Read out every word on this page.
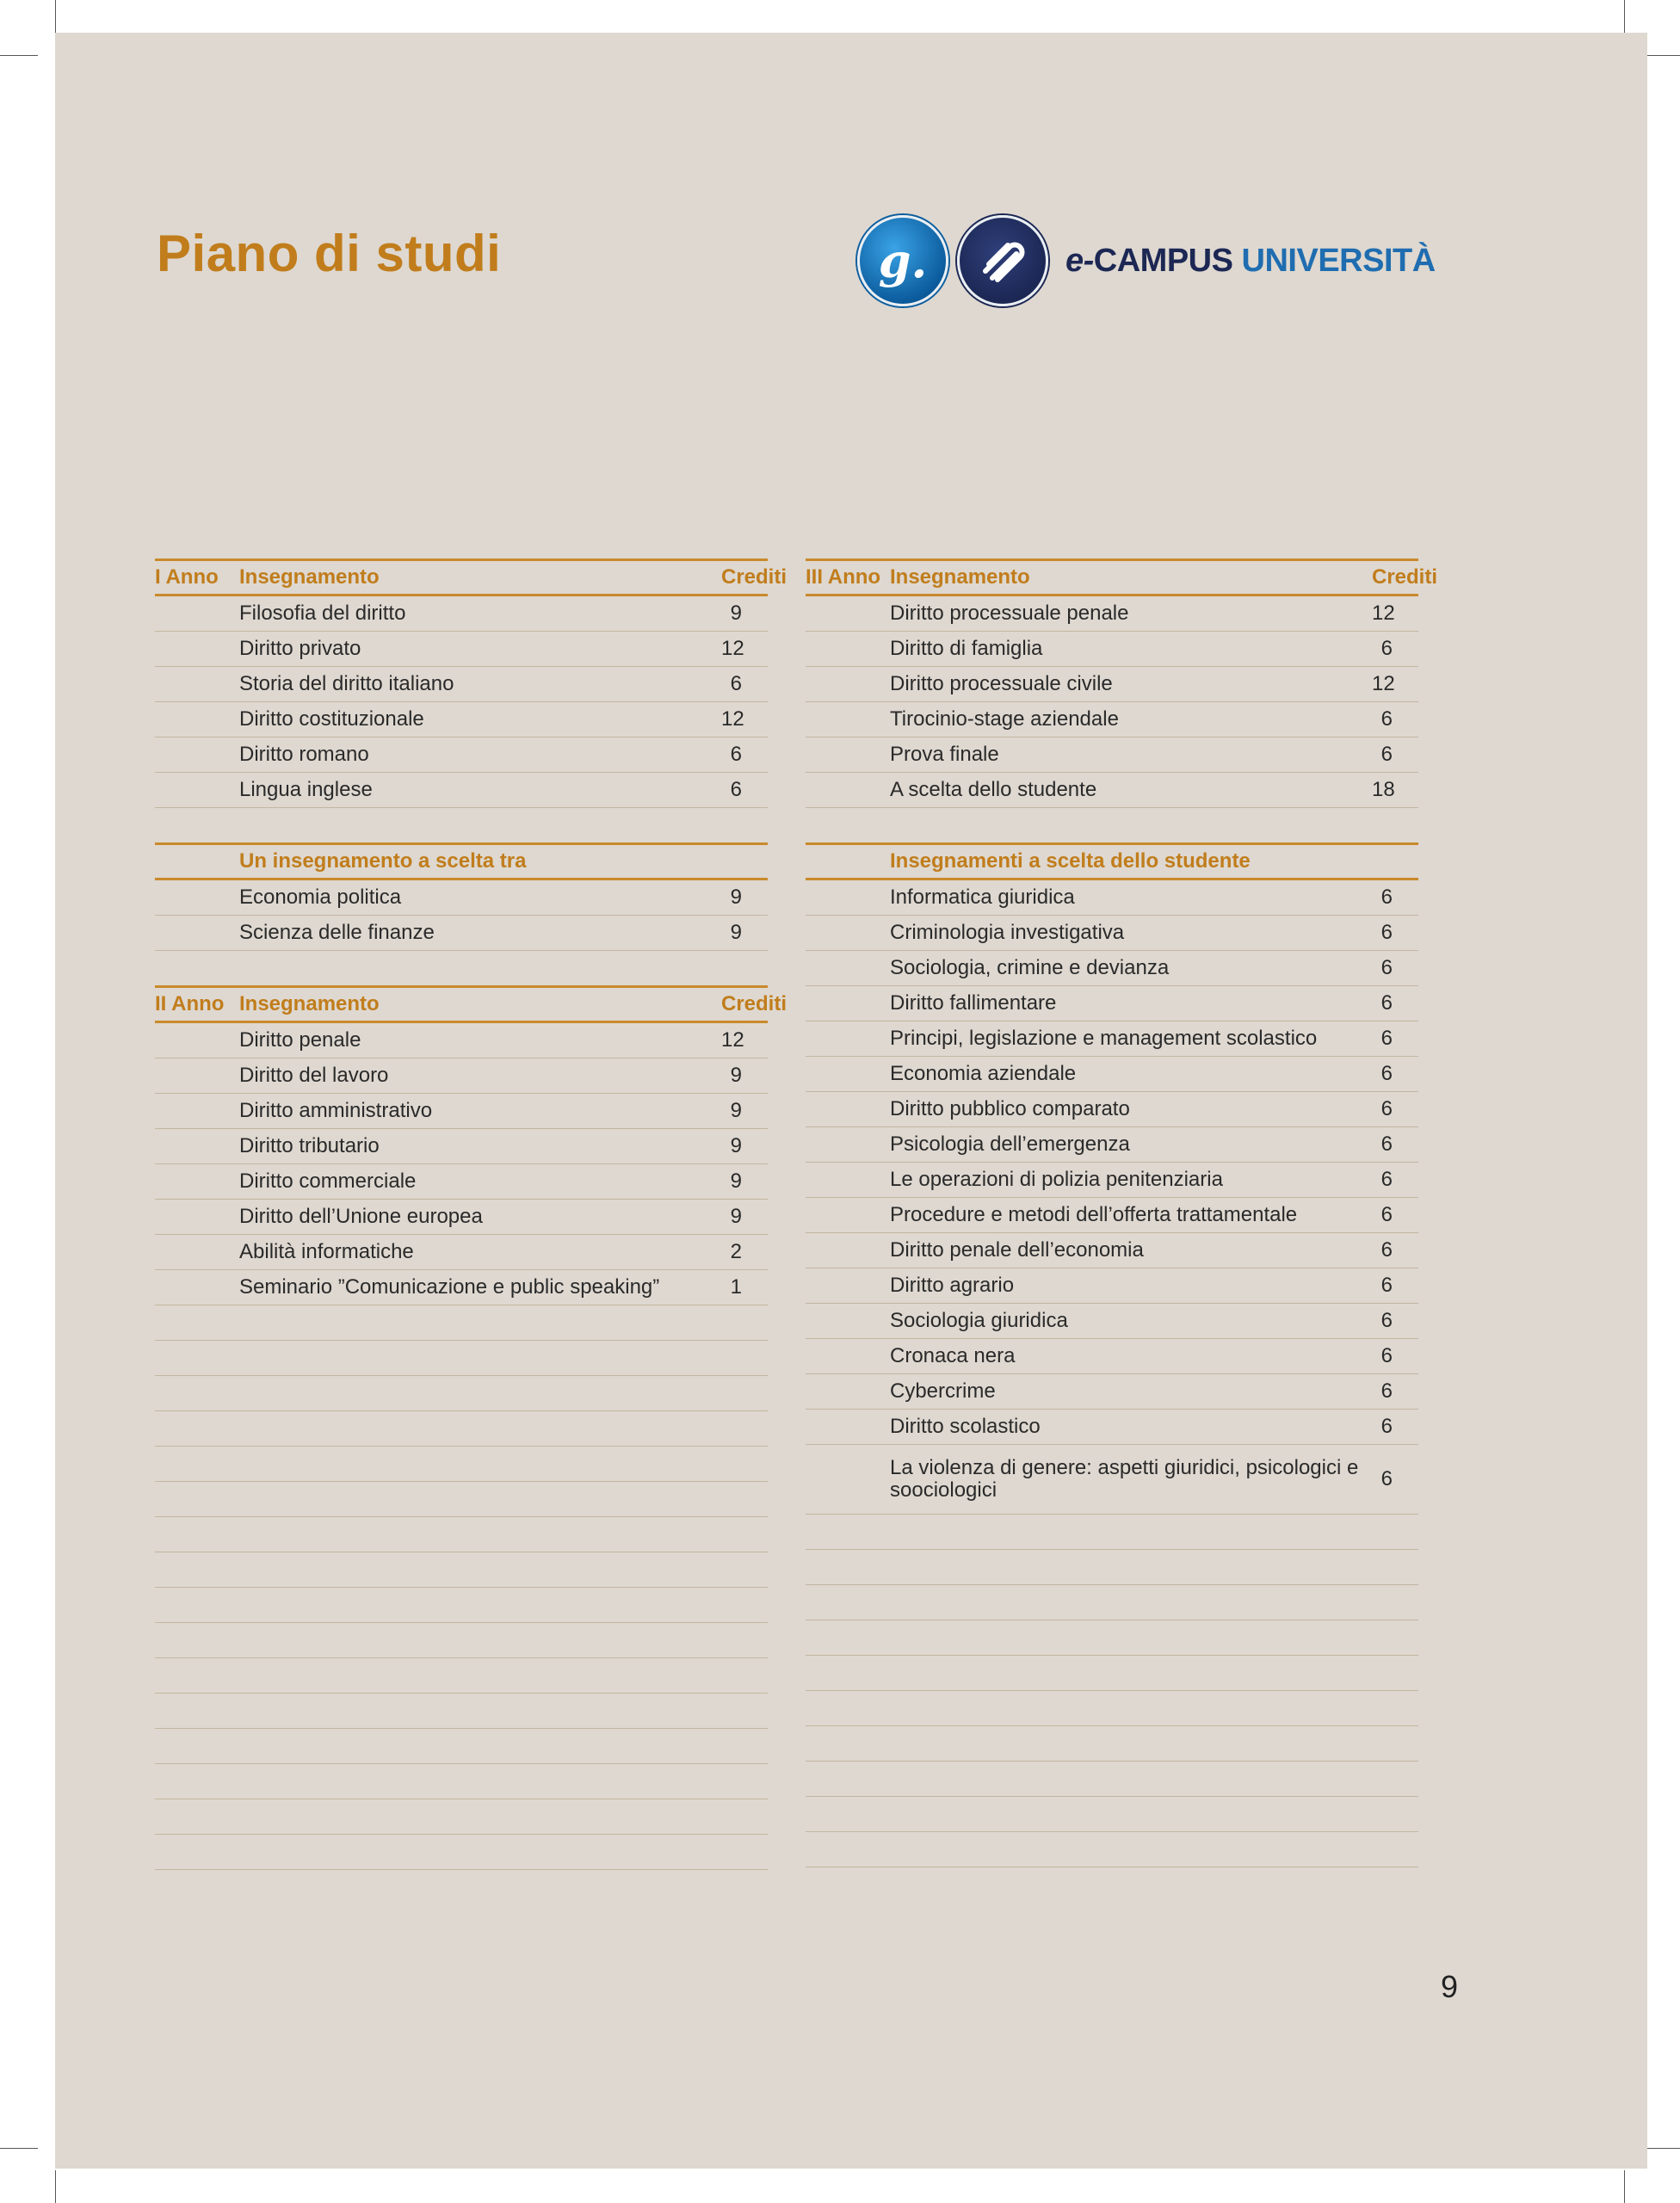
Piano di studi	g.	e-CAMPUS UNIVERSITÀ
I Anno	Insegnamento	Crediti
	Filosofia del diritto	9
	Diritto privato	12
	Storia del diritto italiano	6
	Diritto costituzionale	12
	Diritto romano	6
	Lingua inglese	6

	Un insegnamento a scelta tra	
	Economia politica	9
	Scienza delle finanze	9

II Anno	Insegnamento	Crediti
	Diritto penale	12
	Diritto del lavoro	9
	Diritto amministrativo	9
	Diritto tributario	9
	Diritto commerciale	9
	Diritto dell’Unione europea	9
	Abilità informatiche	2
	Seminario ”Comunicazione e public speaking”	1

III Anno	Insegnamento	Crediti
	Diritto processuale penale	12
	Diritto di famiglia	6
	Diritto processuale civile	12
	Tirocinio-stage aziendale	6
	Prova finale	6
	A scelta dello studente	18

	Insegnamenti a scelta dello studente	
	Informatica giuridica	6
	Criminologia investigativa	6
	Sociologia, crimine e devianza	6
	Diritto fallimentare	6
	Principi, legislazione e management scolastico	6
	Economia aziendale	6
	Diritto pubblico comparato	6
	Psicologia dell’emergenza	6
	Le operazioni di polizia penitenziaria	6
	Procedure e metodi dell’offerta trattamentale	6
	Diritto penale dell’economia	6
	Diritto agrario	6
	Sociologia giuridica	6
	Cronaca nera	6
	Cybercrime	6
	Diritto scolastico	6
	La violenza di genere: aspetti giuridici, psicologici e soociologici	6

9
